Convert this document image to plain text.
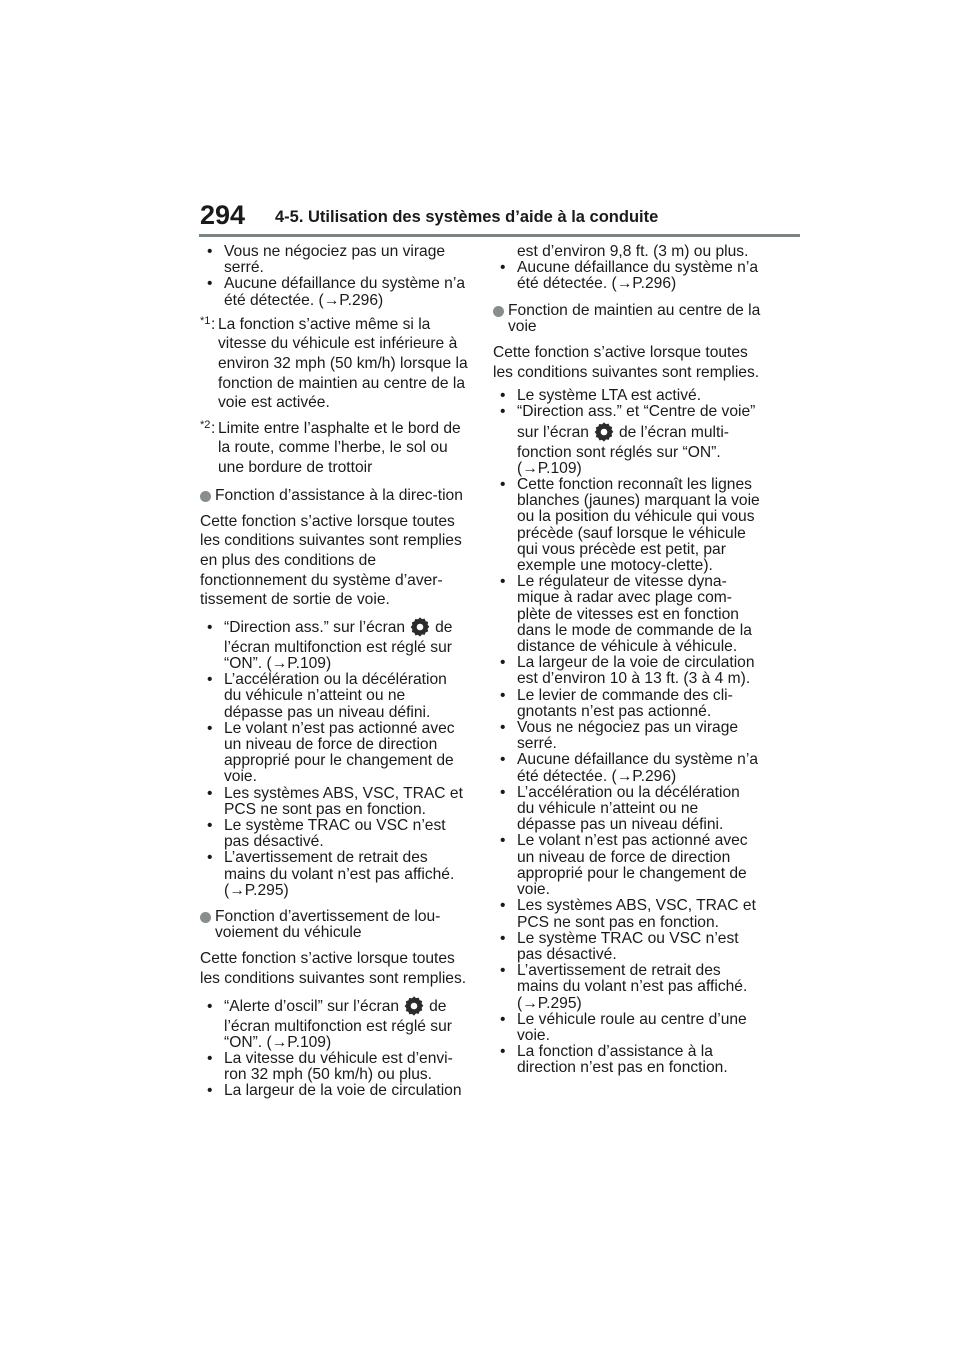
294 4-5. Utilisation des systèmes d’aide à la conduite
• Vous ne négociez pas un virage serré.
• Aucune défaillance du système n’a été détectée. (→P.296)
*1 : La fonction s’active même si la vitesse du véhicule est inférieure à environ 32 mph (50 km/h) lorsque la fonction de maintien au centre de la voie est activée.
*2 : Limite entre l’asphalte et le bord de la route, comme l’herbe, le sol ou une bordure de trottoir
Fonction d’assistance à la direc-tion
Cette fonction s’active lorsque toutes les conditions suivantes sont remplies en plus des conditions de fonctionnement du système d’aver-tissement de sortie de voie.
• “Direction ass.” sur l’écran de
l’écran multifonction est réglé sur “ON”. (→P.109)
• L’accélération ou la décélération du véhicule n’atteint ou ne dépasse pas un niveau défini.
• Le volant n’est pas actionné avec un niveau de force de direction approprié pour le changement de voie.
• Les systèmes ABS, VSC, TRAC et PCS ne sont pas en fonction.
• Le système TRAC ou VSC n’est pas désactivé.
• L’avertissement de retrait des mains du volant n’est pas affiché. (→P.295)
Fonction d’avertissement de lou-voiement du véhicule
Cette fonction s’active lorsque toutes les conditions suivantes sont remplies.
• “Alerte d’oscil” sur l’écran de
l’écran multifonction est réglé sur “ON”. (→P.109)
• La vitesse du véhicule est d’envi-ron 32 mph (50 km/h) ou plus.
• La largeur de la voie de circulation
est d’environ 9,8 ft. (3 m) ou plus.
• Aucune défaillance du système n’a été détectée. (→P.296)
Fonction de maintien au centre de la voie
Cette fonction s’active lorsque toutes les conditions suivantes sont remplies.
• Le système LTA est activé.
• “Direction ass.” et “Centre de voie”
sur l’écran de l’écran multi-
fonction sont réglés sur “ON”. (→P.109)
• Cette fonction reconnaît les lignes blanches (jaunes) marquant la voie ou la position du véhicule qui vous précède (sauf lorsque le véhicule qui vous précède est petit, par exemple une motocy-clette).
• Le régulateur de vitesse dyna-mique à radar avec plage com-plète de vitesses est en fonction dans le mode de commande de la distance de véhicule à véhicule.
• La largeur de la voie de circulation est d’environ 10 à 13 ft. (3 à 4 m).
• Le levier de commande des cli-gnotants n’est pas actionné.
• Vous ne négociez pas un virage serré.
• Aucune défaillance du système n’a été détectée. (→P.296)
• L’accélération ou la décélération du véhicule n’atteint ou ne dépasse pas un niveau défini.
• Le volant n’est pas actionné avec un niveau de force de direction approprié pour le changement de voie.
• Les systèmes ABS, VSC, TRAC et PCS ne sont pas en fonction.
• Le système TRAC ou VSC n’est pas désactivé.
• L’avertissement de retrait des mains du volant n’est pas affiché. (→P.295)
• Le véhicule roule au centre d’une voie.
• La fonction d’assistance à la direction n’est pas en fonction.
